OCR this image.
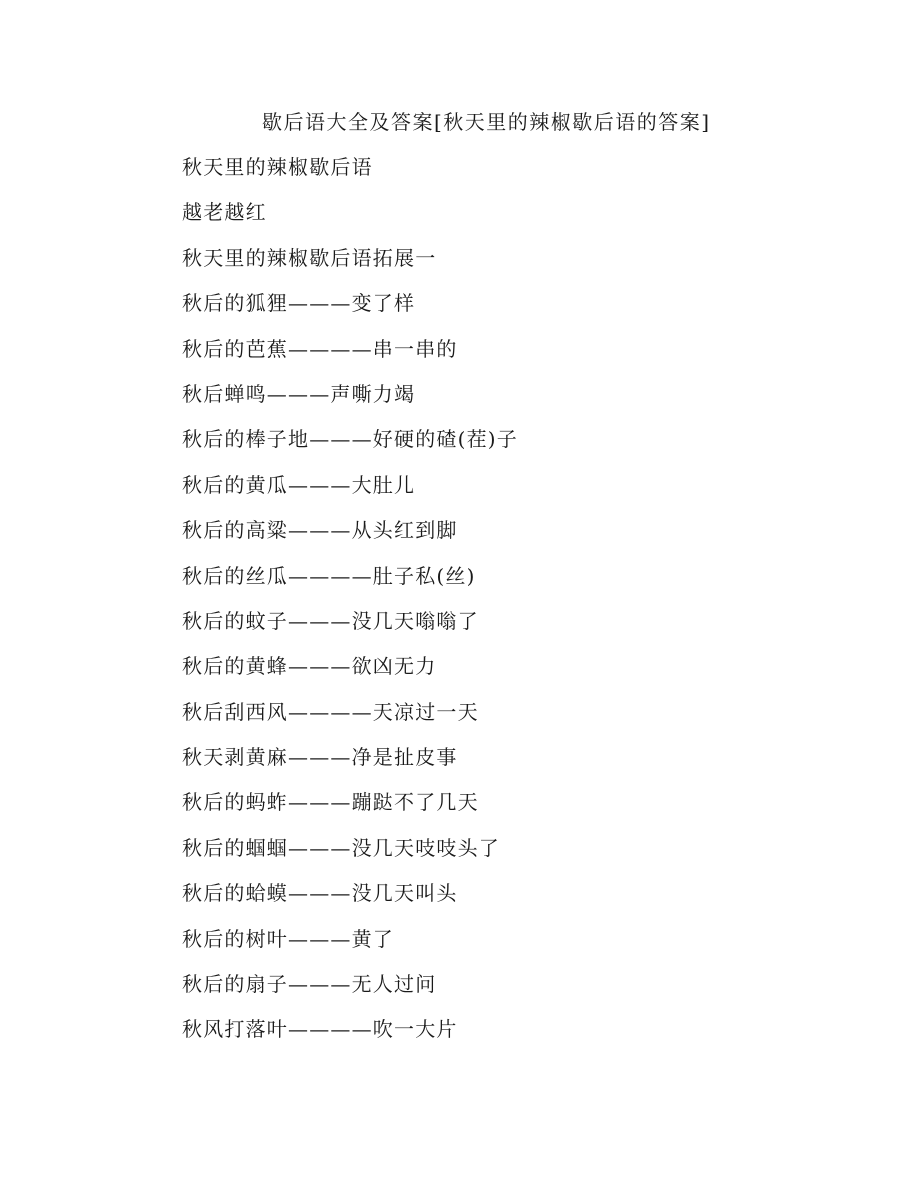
歇后语大全及答案[秋天里的辣椒歇后语的答案]
秋天里的辣椒歇后语
越老越红
秋天里的辣椒歇后语拓展一
秋后的狐狸———变了样
秋后的芭蕉————串一串的
秋后蝉鸣———声嘶力竭
秋后的棒子地———好硬的碴(茬)子
秋后的黄瓜———大肚儿
秋后的高粱———从头红到脚
秋后的丝瓜————肚子私(丝)
秋后的蚊子———没几天嗡嗡了
秋后的黄蜂———欲凶无力
秋后刮西风————天凉过一天
秋天剥黄麻———净是扯皮事
秋后的蚂蚱———蹦跶不了几天
秋后的蝈蝈———没几天吱吱头了
秋后的蛤蟆———没几天叫头
秋后的树叶———黄了
秋后的扇子———无人过问
秋风打落叶————吹一大片
